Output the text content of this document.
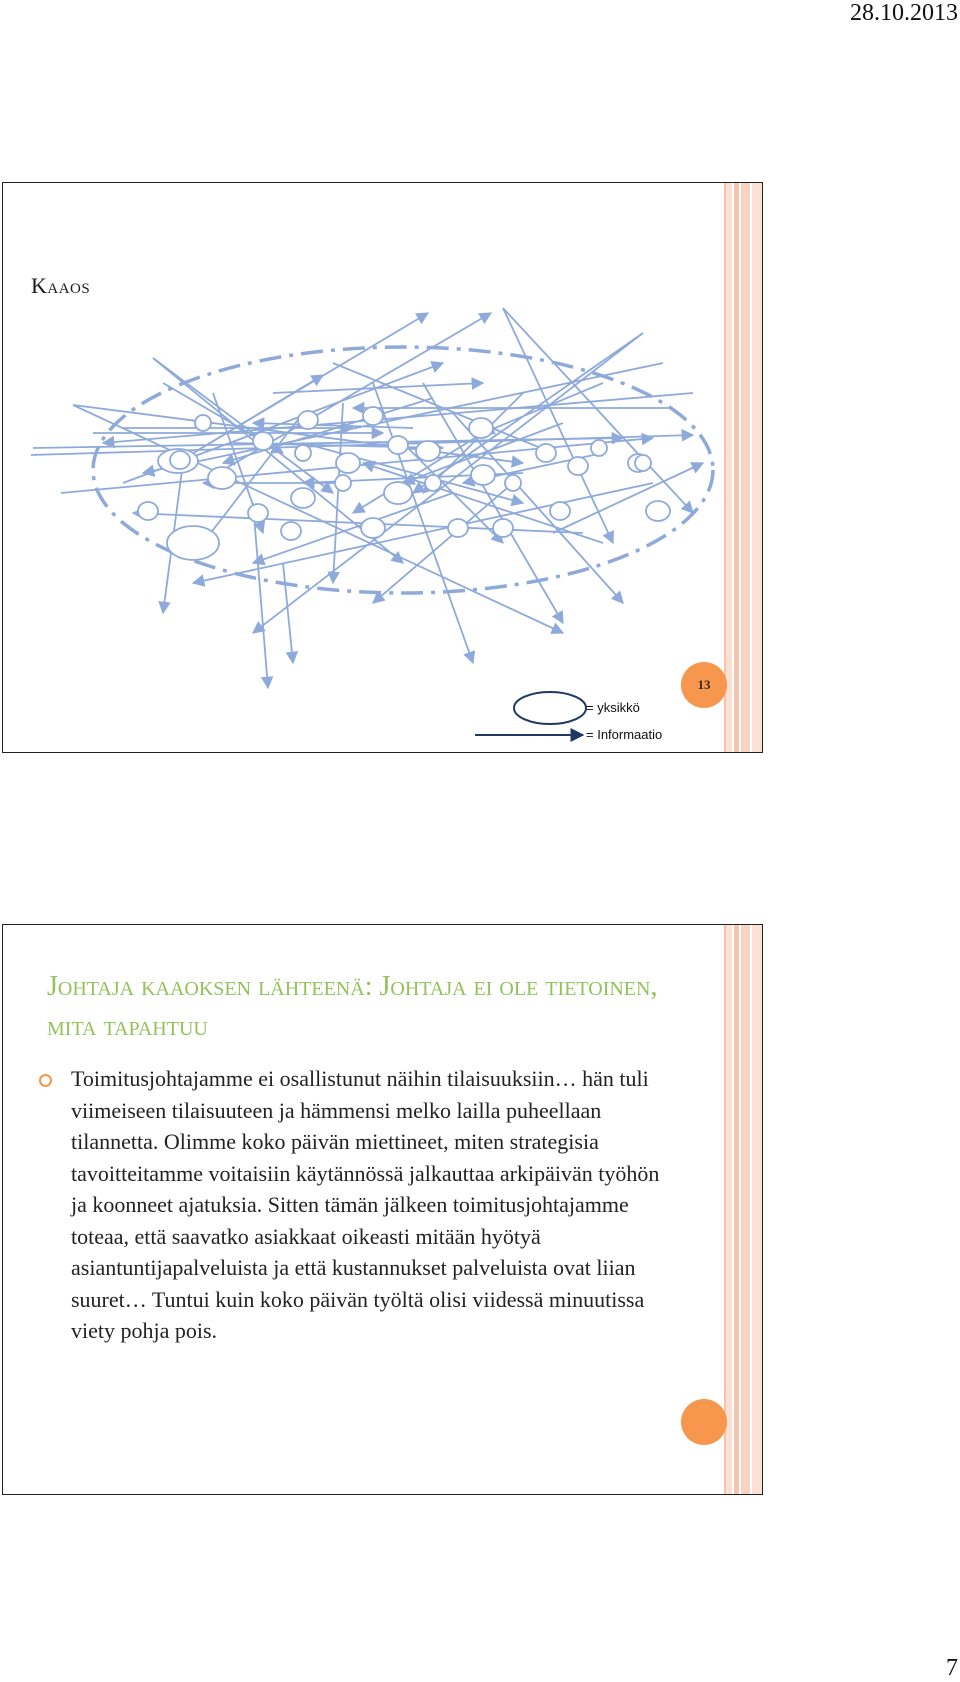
28.10.2013
Kaaos
= yksikkö
= Informaatio
13
Johtaja kaaoksen lähteenä: Johtaja ei ole tietoinen, mita tapahtuu
Toimitusjohtajamme ei osallistunut näihin tilaisuuksiin… hän tuli viimeiseen tilaisuuteen ja hämmensi melko lailla puheellaan tilannetta. Olimme koko päivän miettineet, miten strategisia tavoitteitamme voitaisiin käytännössä jalkauttaa arkipäivän työhön ja koonneet ajatuksia. Sitten tämän jälkeen toimitusjohtajamme toteaa, että saavatko asiakkaat oikeasti mitään hyötyä asiantuntijapalveluista ja että kustannukset palveluista ovat liian suuret… Tuntui kuin koko päivän työltä olisi viidessä minuutissa viety pohja pois.
7
